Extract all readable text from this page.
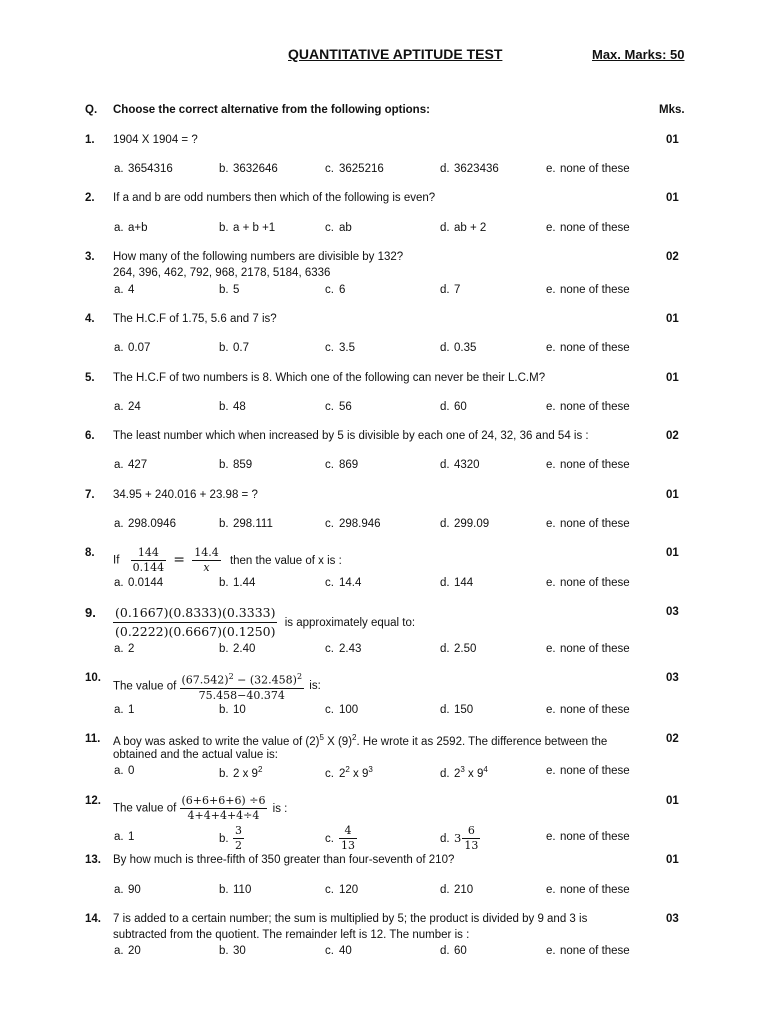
QUANTITATIVE APTITUDE TEST	Max. Marks: 50
Q. Choose the correct alternative from the following options:	Mks.
1. 1904 X 1904 = ?	01
a. 3654316	b. 3632646	c. 3625216	d. 3623436	e. none of these
2. If a and b are odd numbers then which of the following is even?	01
a. a+b	b. a + b +1	c. ab	d. ab + 2	e. none of these
3. How many of the following numbers are divisible by 132?
264, 396, 462, 792, 968, 2178, 5184, 6336
02
a. 4	b. 5	c. 6	d. 7	e. none of these
4. The H.C.F of 1.75, 5.6 and 7 is?	01
a. 0.07	b. 0.7	c. 3.5	d. 0.35	e. none of these
5. The H.C.F of two numbers is 8. Which one of the following can never be their L.C.M?	01
a. 24	b. 48	c. 56	d. 60	e. none of these
6. The least number which when increased by 5 is divisible by each one of 24, 32, 36 and 54 is :	02
a. 427	b. 859	c. 869	d. 4320	e. none of these
7. 34.95 + 240.016 + 23.98 = ?	01
a. 298.0946	b. 298.111	c. 298.946	d. 299.09	e. none of these
8.
If $\frac{144}{0.144} = \frac{14.4}{x}$ then the value of x is :
01
a. 0.0144	b. 1.44	c. 14.4	d. 144	e. none of these
9. $\frac{(0.1667)(0.8333)(0.3333)}{(0.2222)(0.6667)(0.1250)}$ is approximately equal to:
03
a. 2	b. 2.40	c. 2.43	d. 2.50	e. none of these
10.
The value of $\frac{(67.542)^2 - (32.458)^2}{75.458-40.374}$ is:
03
a. 1	b. 10	c. 100	d. 150	e. none of these
11. A boy was asked to write the value of $(2)^5$ X $(9)^2$. He wrote it as 2592. The difference between the
obtained and the actual value is:
02
a. 0	b. 2 x $9^2$	c. $2^2$ x $9^3$	d. $2^3$ x $9^4$	e. none of these
12.
The value of $\frac{(6+6+6+6) \div 6}{4+4+4+4\div 4}$ is :
01
a. 1	b. $\frac{3}{2}$	c. $\frac{4}{13}$	d. $3 \frac{6}{13}$	e. none of these
13. By how much is three-fifth of 350 greater than four-seventh of 210?	01
a. 90	b. 110	c. 120	d. 210	e. none of these
14. 7 is added to a certain number; the sum is multiplied by 5; the product is divided by 9 and 3 is
subtracted from the quotient. The remainder left is 12. The number is :
03
a. 20	b. 30	c. 40	d. 60	e. none of these
